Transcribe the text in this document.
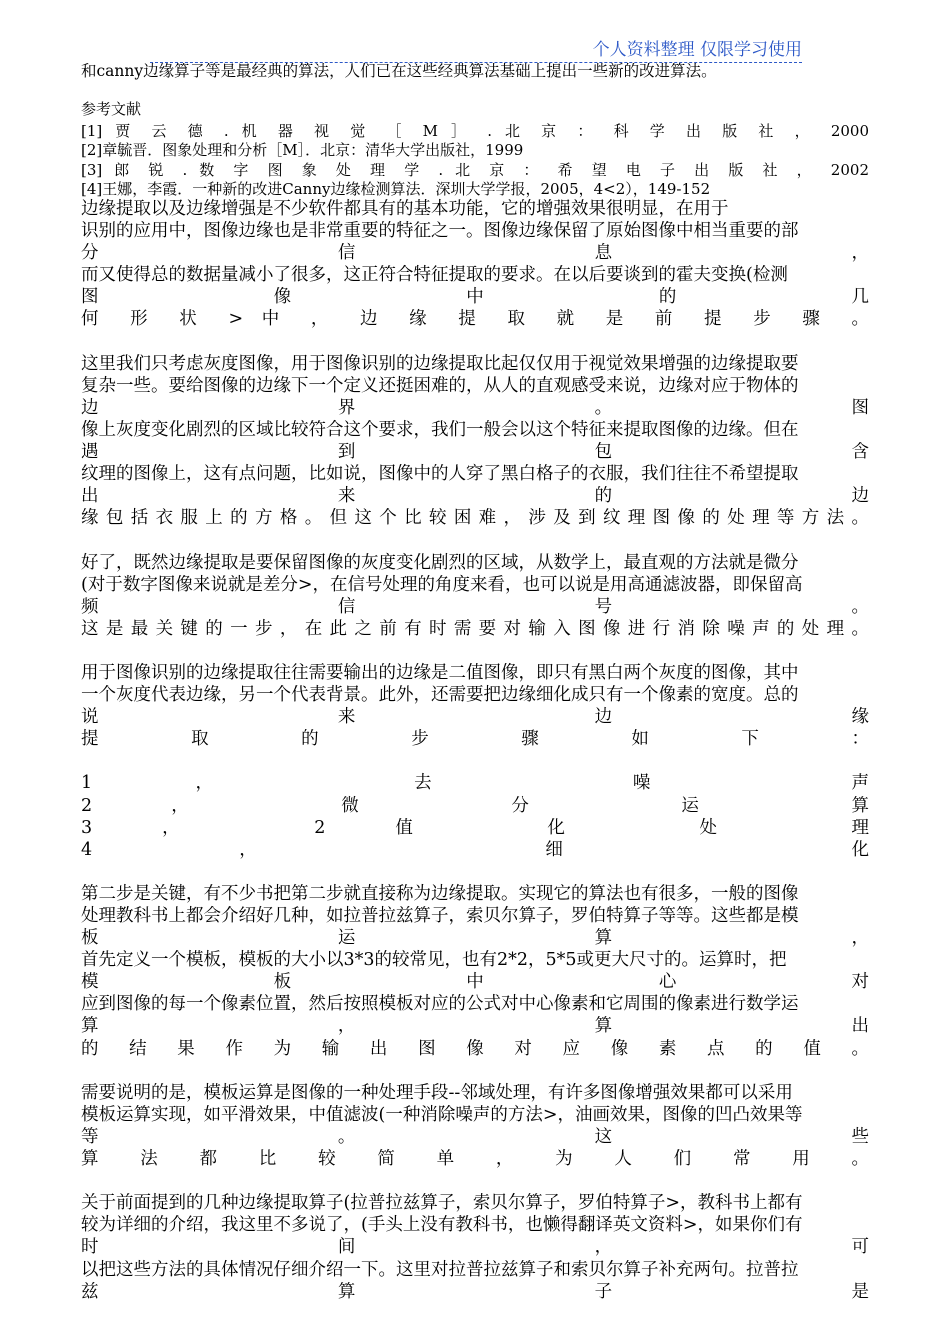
个人资料整理 仅限学习使用
和canny边缘算子等是最经典的算法，人们已在这些经典算法基础上提出一些新的改进算法。
参考文献
[1] 贾 云 德 . 机 器 视 觉 ［ M ］ . 北 京 ： 科 学 出 版 社 ， 2000
[2]章毓晋．图象处理和分析［M］．北京：清华大学出版社，1999
[3] 郎 锐 . 数 字 图 象 处 理 学 . 北 京 ： 希 望 电 子 出 版 社 ， 2002
[4]王娜，李霞．一种新的改进Canny边缘检测算法．深圳大学学报，2005，4<2），149-152
边缘提取以及边缘增强是不少软件都具有的基本功能，它的增强效果很明显，在用于
识别的应用中，图像边缘也是非常重要的特征之一。图像边缘保留了原始图像中相当重要的部
分 信 息 ，
而又使得总的数据量减小了很多，这正符合特征提取的要求。在以后要谈到的霍夫变换(检测
图 像 中 的 几
何 形 状 > 中 ， 边 缘 提 取 就 是 前 提 步 骤 。
这里我们只考虑灰度图像，用于图像识别的边缘提取比起仅仅用于视觉效果增强的边缘提取要
复杂一些。要给图像的边缘下一个定义还挺困难的，从人的直观感受来说，边缘对应于物体的
边 界 。 图
像上灰度变化剧烈的区域比较符合这个要求，我们一般会以这个特征来提取图像的边缘。但在
遇 到 包 含
纹理的图像上，这有点问题，比如说，图像中的人穿了黑白格子的衣服，我们往往不希望提取
出 来 的 边
缘 包 括 衣 服 上 的 方 格 。 但 这 个 比 较 困 难 ， 涉 及 到 纹 理 图 像 的 处 理 等 方 法 。
好了，既然边缘提取是要保留图像的灰度变化剧烈的区域，从数学上，最直观的方法就是微分
(对于数字图像来说就是差分>，在信号处理的角度来看，也可以说是用高通滤波器，即保留高
频 信 号 。
这 是 最 关 键 的 一 步 ， 在 此 之 前 有 时 需 要 对 输 入 图 像 进 行 消 除 噪 声 的 处 理 。
用于图像识别的边缘提取往往需要输出的边缘是二值图像，即只有黑白两个灰度的图像，其中
一个灰度代表边缘，另一个代表背景。此外，还需要把边缘细化成只有一个像素的宽度。总的
说 来 边 缘
提 取 的 步 骤 如 下 ：
1 ， 去 噪 声
2 ， 微 分 运 算
3 ， 2 值 化 处 理
4 ， 细 化
第二步是关键，有不少书把第二步就直接称为边缘提取。实现它的算法也有很多，一般的图像
处理教科书上都会介绍好几种，如拉普拉兹算子，索贝尔算子，罗伯特算子等等。这些都是模
板 运 算 ，
首先定义一个模板，模板的大小以3*3的较常见，也有2*2，5*5或更大尺寸的。运算时，把
模 板 中 心 对
应到图像的每一个像素位置，然后按照模板对应的公式对中心像素和它周围的像素进行数学运
算 ， 算 出
的 结 果 作 为 输 出 图 像 对 应 像 素 点 的 值 。
需要说明的是，模板运算是图像的一种处理手段--邻域处理，有许多图像增强效果都可以采用
模板运算实现，如平滑效果，中值滤波(一种消除噪声的方法>，油画效果，图像的凹凸效果等
等 。 这 些
算 法 都 比 较 简 单 ， 为 人 们 常 用 。
关于前面提到的几种边缘提取算子(拉普拉兹算子，索贝尔算子，罗伯特算子>，教科书上都有
较为详细的介绍，我这里不多说了，(手头上没有教科书，也懒得翻译英文资料>，如果你们有
时 间 ， 可
以把这些方法的具体情况仔细介绍一下。这里对拉普拉兹算子和索贝尔算子补充两句。拉普拉
兹 算 子 是
